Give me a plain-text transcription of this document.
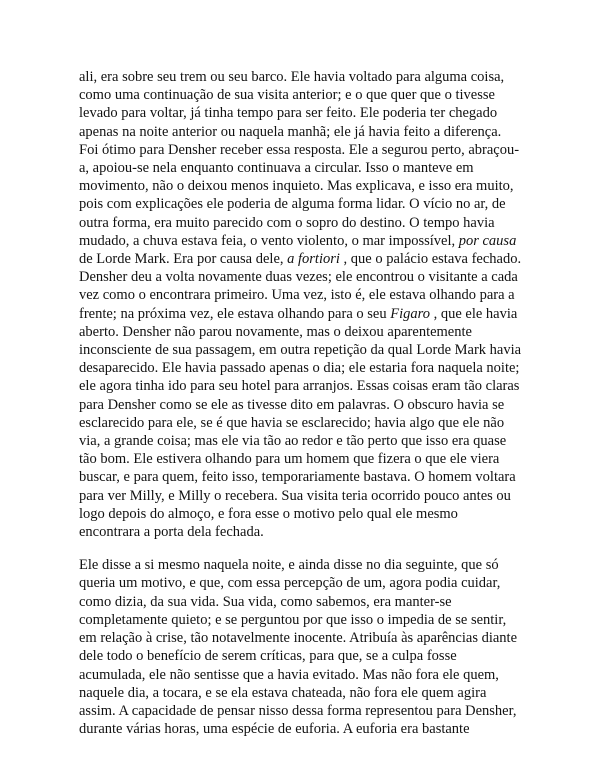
ali, era sobre seu trem ou seu barco. Ele havia voltado para alguma coisa,
como uma continuação de sua visita anterior; e o que quer que o tivesse
levado para voltar, já tinha tempo para ser feito. Ele poderia ter chegado
apenas na noite anterior ou naquela manhã; ele já havia feito a diferença.
Foi ótimo para Densher receber essa resposta. Ele a segurou perto, abraçou-
a, apoiou-se nela enquanto continuava a circular. Isso o manteve em
movimento, não o deixou menos inquieto. Mas explicava, e isso era muito,
pois com explicações ele poderia de alguma forma lidar. O vício no ar, de
outra forma, era muito parecido com o sopro do destino. O tempo havia
mudado, a chuva estava feia, o vento violento, o mar impossível, por causa
de Lorde Mark. Era por causa dele, a fortiori , que o palácio estava fechado.
Densher deu a volta novamente duas vezes; ele encontrou o visitante a cada
vez como o encontrara primeiro. Uma vez, isto é, ele estava olhando para a
frente; na próxima vez, ele estava olhando para o seu Figaro , que ele havia
aberto. Densher não parou novamente, mas o deixou aparentemente
inconsciente de sua passagem, em outra repetição da qual Lorde Mark havia
desaparecido. Ele havia passado apenas o dia; ele estaria fora naquela noite;
ele agora tinha ido para seu hotel para arranjos. Essas coisas eram tão claras
para Densher como se ele as tivesse dito em palavras. O obscuro havia se
esclarecido para ele, se é que havia se esclarecido; havia algo que ele não
via, a grande coisa; mas ele via tão ao redor e tão perto que isso era quase
tão bom. Ele estivera olhando para um homem que fizera o que ele viera
buscar, e para quem, feito isso, temporariamente bastava. O homem voltara
para ver Milly, e Milly o recebera. Sua visita teria ocorrido pouco antes ou
logo depois do almoço, e fora esse o motivo pelo qual ele mesmo
encontrara a porta dela fechada.

Ele disse a si mesmo naquela noite, e ainda disse no dia seguinte, que só
queria um motivo, e que, com essa percepção de um, agora podia cuidar,
como dizia, da sua vida. Sua vida, como sabemos, era manter-se
completamente quieto; e se perguntou por que isso o impedia de se sentir,
em relação à crise, tão notavelmente inocente. Atribuía às aparências diante
dele todo o benefício de serem críticas, para que, se a culpa fosse
acumulada, ele não sentisse que a havia evitado. Mas não fora ele quem,
naquele dia, a tocara, e se ela estava chateada, não fora ele quem agira
assim. A capacidade de pensar nisso dessa forma representou para Densher,
durante várias horas, uma espécie de euforia. A euforia era bastante
